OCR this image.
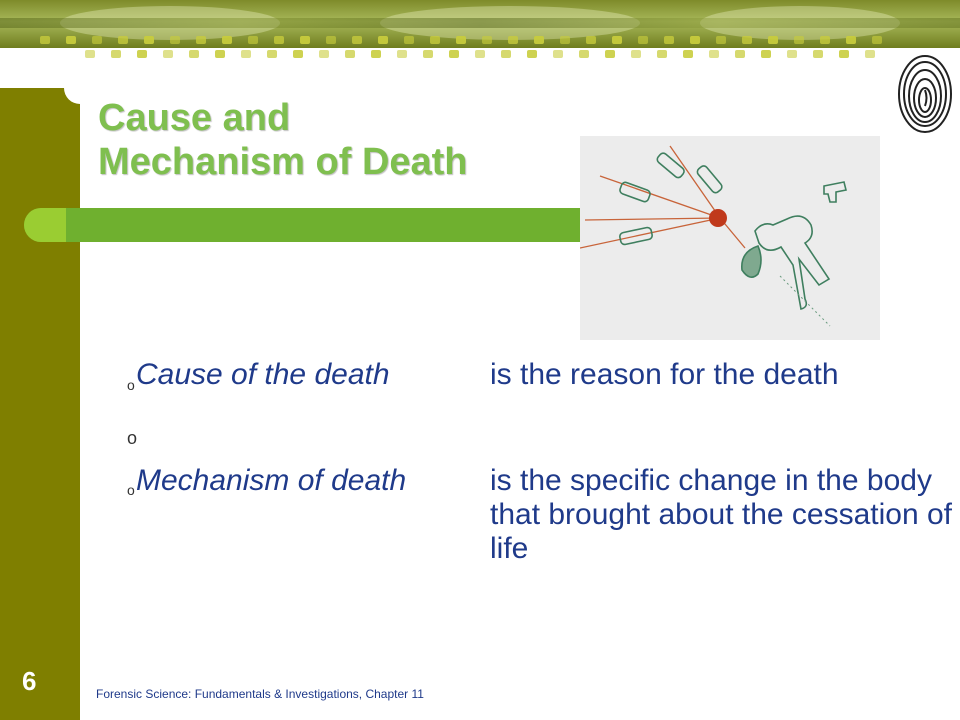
6
Cause and
Mechanism of Death
o Cause of the death	is the reason for the death
o
o Mechanism of death	is the specific change in the body that brought about the cessation of life
Forensic Science: Fundamentals & Investigations, Chapter 11
